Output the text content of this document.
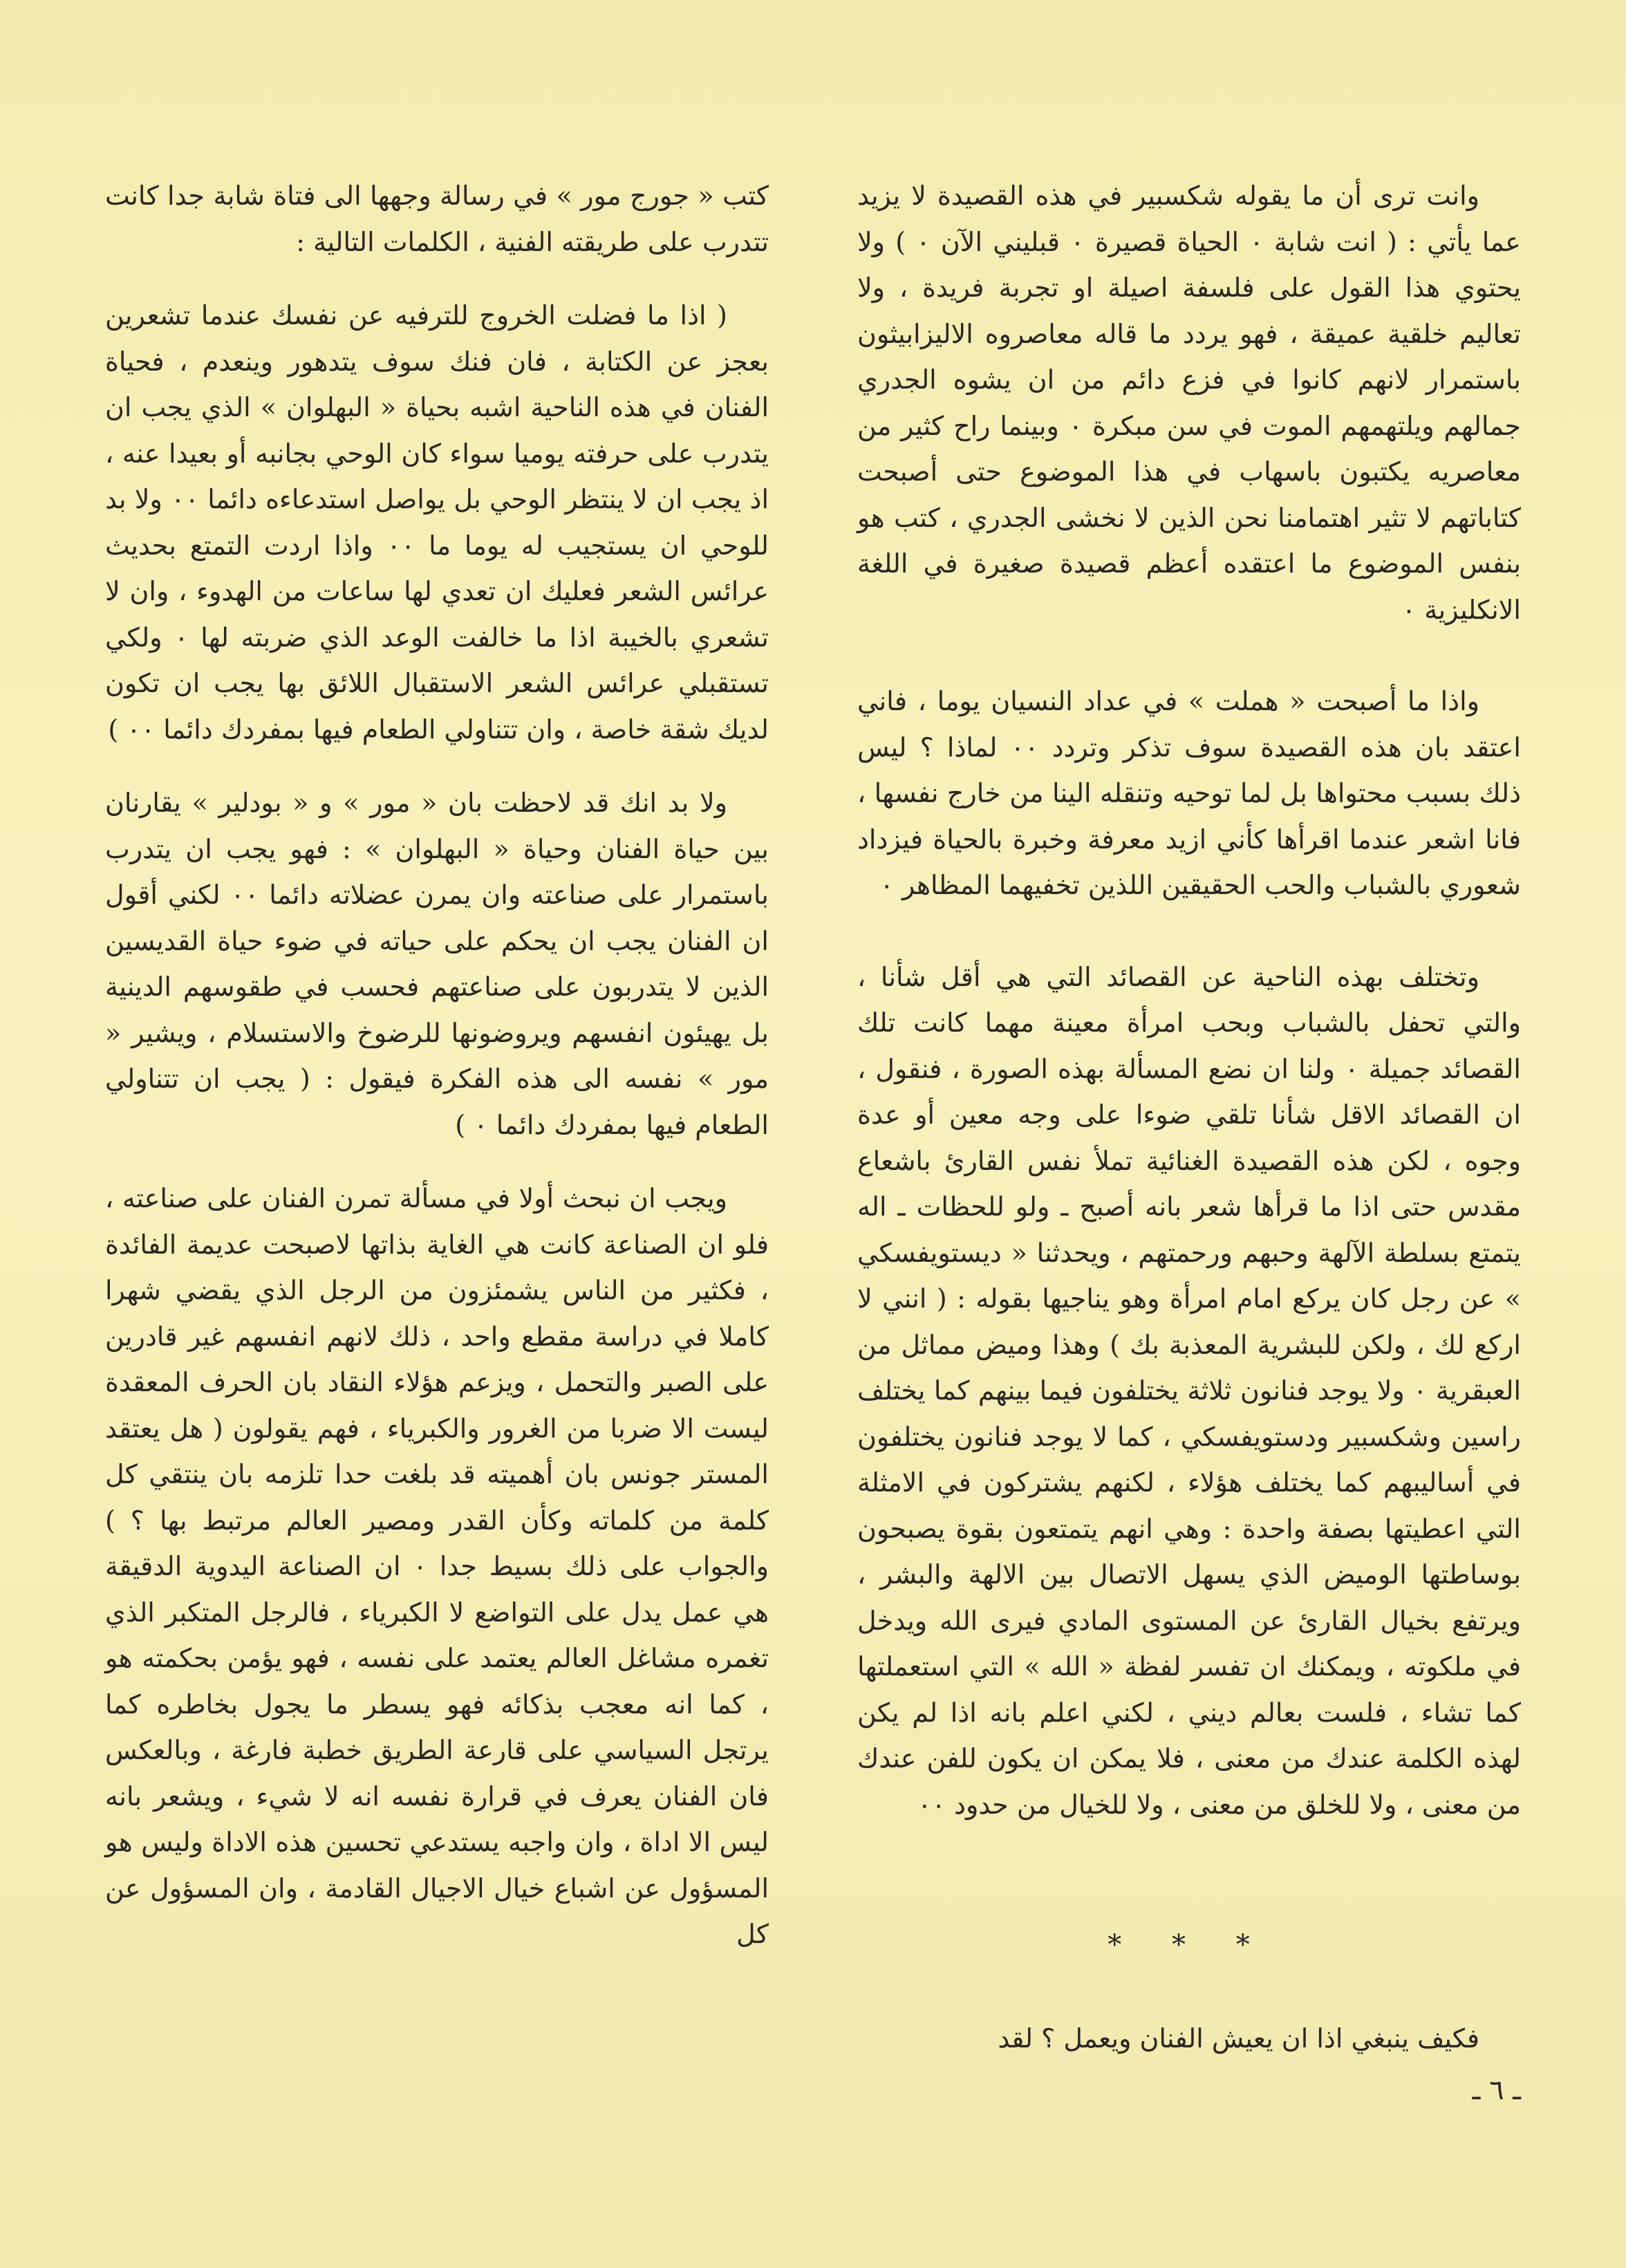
وانت ترى أن ما يقوله شكسبير في هذه القصيدة لا يزيد عما يأتي : ( انت شابة ٠ الحياة قصيرة ٠ قبليني الآن ٠ ) ولا يحتوي هذا القول على فلسفة اصيلة او تجربة فريدة ، ولا تعاليم خلقية عميقة ، فهو يردد ما قاله معاصروه الاليزابيثون باستمرار لانهم كانوا في فزع دائم من ان يشوه الجدري جمالهم ويلتهمهم الموت في سن مبكرة ٠ وبينما راح كثير من معاصريه يكتبون باسهاب في هذا الموضوع حتى أصبحت كتاباتهم لا تثير اهتمامنا نحن الذين لا نخشى الجدري ، كتب هو بنفس الموضوع ما اعتقده أعظم قصيدة صغيرة في اللغة الانكليزية ٠

واذا ما أصبحت « هملت » في عداد النسيان يوما ، فاني اعتقد بان هذه القصيدة سوف تذكر وتردد ٠٠ لماذا ؟ ليس ذلك بسبب محتواها بل لما توحيه وتنقله الينا من خارج نفسها ، فانا اشعر عندما اقرأها كأني ازيد معرفة وخبرة بالحياة فيزداد شعوري بالشباب والحب الحقيقين اللذين تخفيهما المظاهر ٠

وتختلف بهذه الناحية عن القصائد التي هي أقل شأنا ، والتي تحفل بالشباب وبحب امرأة معينة مهما كانت تلك القصائد جميلة ٠ ولنا ان نضع المسألة بهذه الصورة ، فنقول ، ان القصائد الاقل شأنا تلقي ضوءا على وجه معين أو عدة وجوه ، لكن هذه القصيدة الغنائية تملأ نفس القارئ باشعاع مقدس حتى اذا ما قرأها شعر بانه أصبح ـ ولو للحظات ـ اله يتمتع بسلطة الآلهة وحبهم ورحمتهم ، ويحدثنا « ديستويفسكي » عن رجل كان يركع امام امرأة وهو يناجيها بقوله : ( انني لا اركع لك ، ولكن للبشرية المعذبة بك ) وهذا وميض مماثل من العبقرية ٠ ولا يوجد فنانون ثلاثة يختلفون فيما بينهم كما يختلف راسين وشكسبير ودستويفسكي ، كما لا يوجد فنانون يختلفون في أساليبهم كما يختلف هؤلاء ، لكنهم يشتركون في الامثلة التي اعطيتها بصفة واحدة : وهي انهم يتمتعون بقوة يصبحون بوساطتها الوميض الذي يسهل الاتصال بين الالهة والبشر ، ويرتفع بخيال القارئ عن المستوى المادي فيرى الله ويدخل في ملكوته ، ويمكنك ان تفسر لفظة « الله » التي استعملتها كما تشاء ، فلست بعالم ديني ، لكني اعلم بانه اذا لم يكن لهذه الكلمة عندك من معنى ، فلا يمكن ان يكون للفن عندك من معنى ، ولا للخلق من معنى ، ولا للخيال من حدود ٠٠

* * *
فكيف ينبغي اذا ان يعيش الفنان ويعمل ؟ لقد

كتب « جورج مور » في رسالة وجهها الى فتاة شابة جدا كانت تتدرب على طريقته الفنية ، الكلمات التالية :

( اذا ما فضلت الخروج للترفيه عن نفسك عندما تشعرين بعجز عن الكتابة ، فان فنك سوف يتدهور وينعدم ، فحياة الفنان في هذه الناحية اشبه بحياة « البهلوان » الذي يجب ان يتدرب على حرفته يوميا سواء كان الوحي بجانبه أو بعيدا عنه ، اذ يجب ان لا ينتظر الوحي بل يواصل استدعاءه دائما ٠٠ ولا بد للوحي ان يستجيب له يوما ما ٠٠ واذا اردت التمتع بحديث عرائس الشعر فعليك ان تعدي لها ساعات من الهدوء ، وان لا تشعري بالخيبة اذا ما خالفت الوعد الذي ضربته لها ٠ ولكي تستقبلي عرائس الشعر الاستقبال اللائق بها يجب ان تكون لديك شقة خاصة ، وان تتناولي الطعام فيها بمفردك دائما ٠٠ )

ولا بد انك قد لاحظت بان « مور » و « بودلير » يقارنان بين حياة الفنان وحياة « البهلوان » : فهو يجب ان يتدرب باستمرار على صناعته وان يمرن عضلاته دائما ٠٠ لكني أقول ان الفنان يجب ان يحكم على حياته في ضوء حياة القديسين الذين لا يتدربون على صناعتهم فحسب في طقوسهم الدينية بل يهيئون انفسهم ويروضونها للرضوخ والاستسلام ، ويشير « مور » نفسه الى هذه الفكرة فيقول : ( يجب ان تتناولي الطعام فيها بمفردك دائما ٠ )

ويجب ان نبحث أولا في مسألة تمرن الفنان على صناعته ، فلو ان الصناعة كانت هي الغاية بذاتها لاصبحت عديمة الفائدة ، فكثير من الناس يشمئزون من الرجل الذي يقضي شهرا كاملا في دراسة مقطع واحد ، ذلك لانهم انفسهم غير قادرين على الصبر والتحمل ، ويزعم هؤلاء النقاد بان الحرف المعقدة ليست الا ضربا من الغرور والكبرياء ، فهم يقولون ( هل يعتقد المستر جونس بان أهميته قد بلغت حدا تلزمه بان ينتقي كل كلمة من كلماته وكأن القدر ومصير العالم مرتبط بها ؟ ) والجواب على ذلك بسيط جدا ٠ ان الصناعة اليدوية الدقيقة هي عمل يدل على التواضع لا الكبرياء ، فالرجل المتكبر الذي تغمره مشاغل العالم يعتمد على نفسه ، فهو يؤمن بحكمته هو ، كما انه معجب بذكائه فهو يسطر ما يجول بخاطره كما يرتجل السياسي على قارعة الطريق خطبة فارغة ، وبالعكس فان الفنان يعرف في قرارة نفسه انه لا شيء ، ويشعر بانه ليس الا اداة ، وان واجبه يستدعي تحسين هذه الاداة وليس هو المسؤول عن اشباع خيال الاجيال القادمة ، وان المسؤول عن كل

ـ ٦ ـ
